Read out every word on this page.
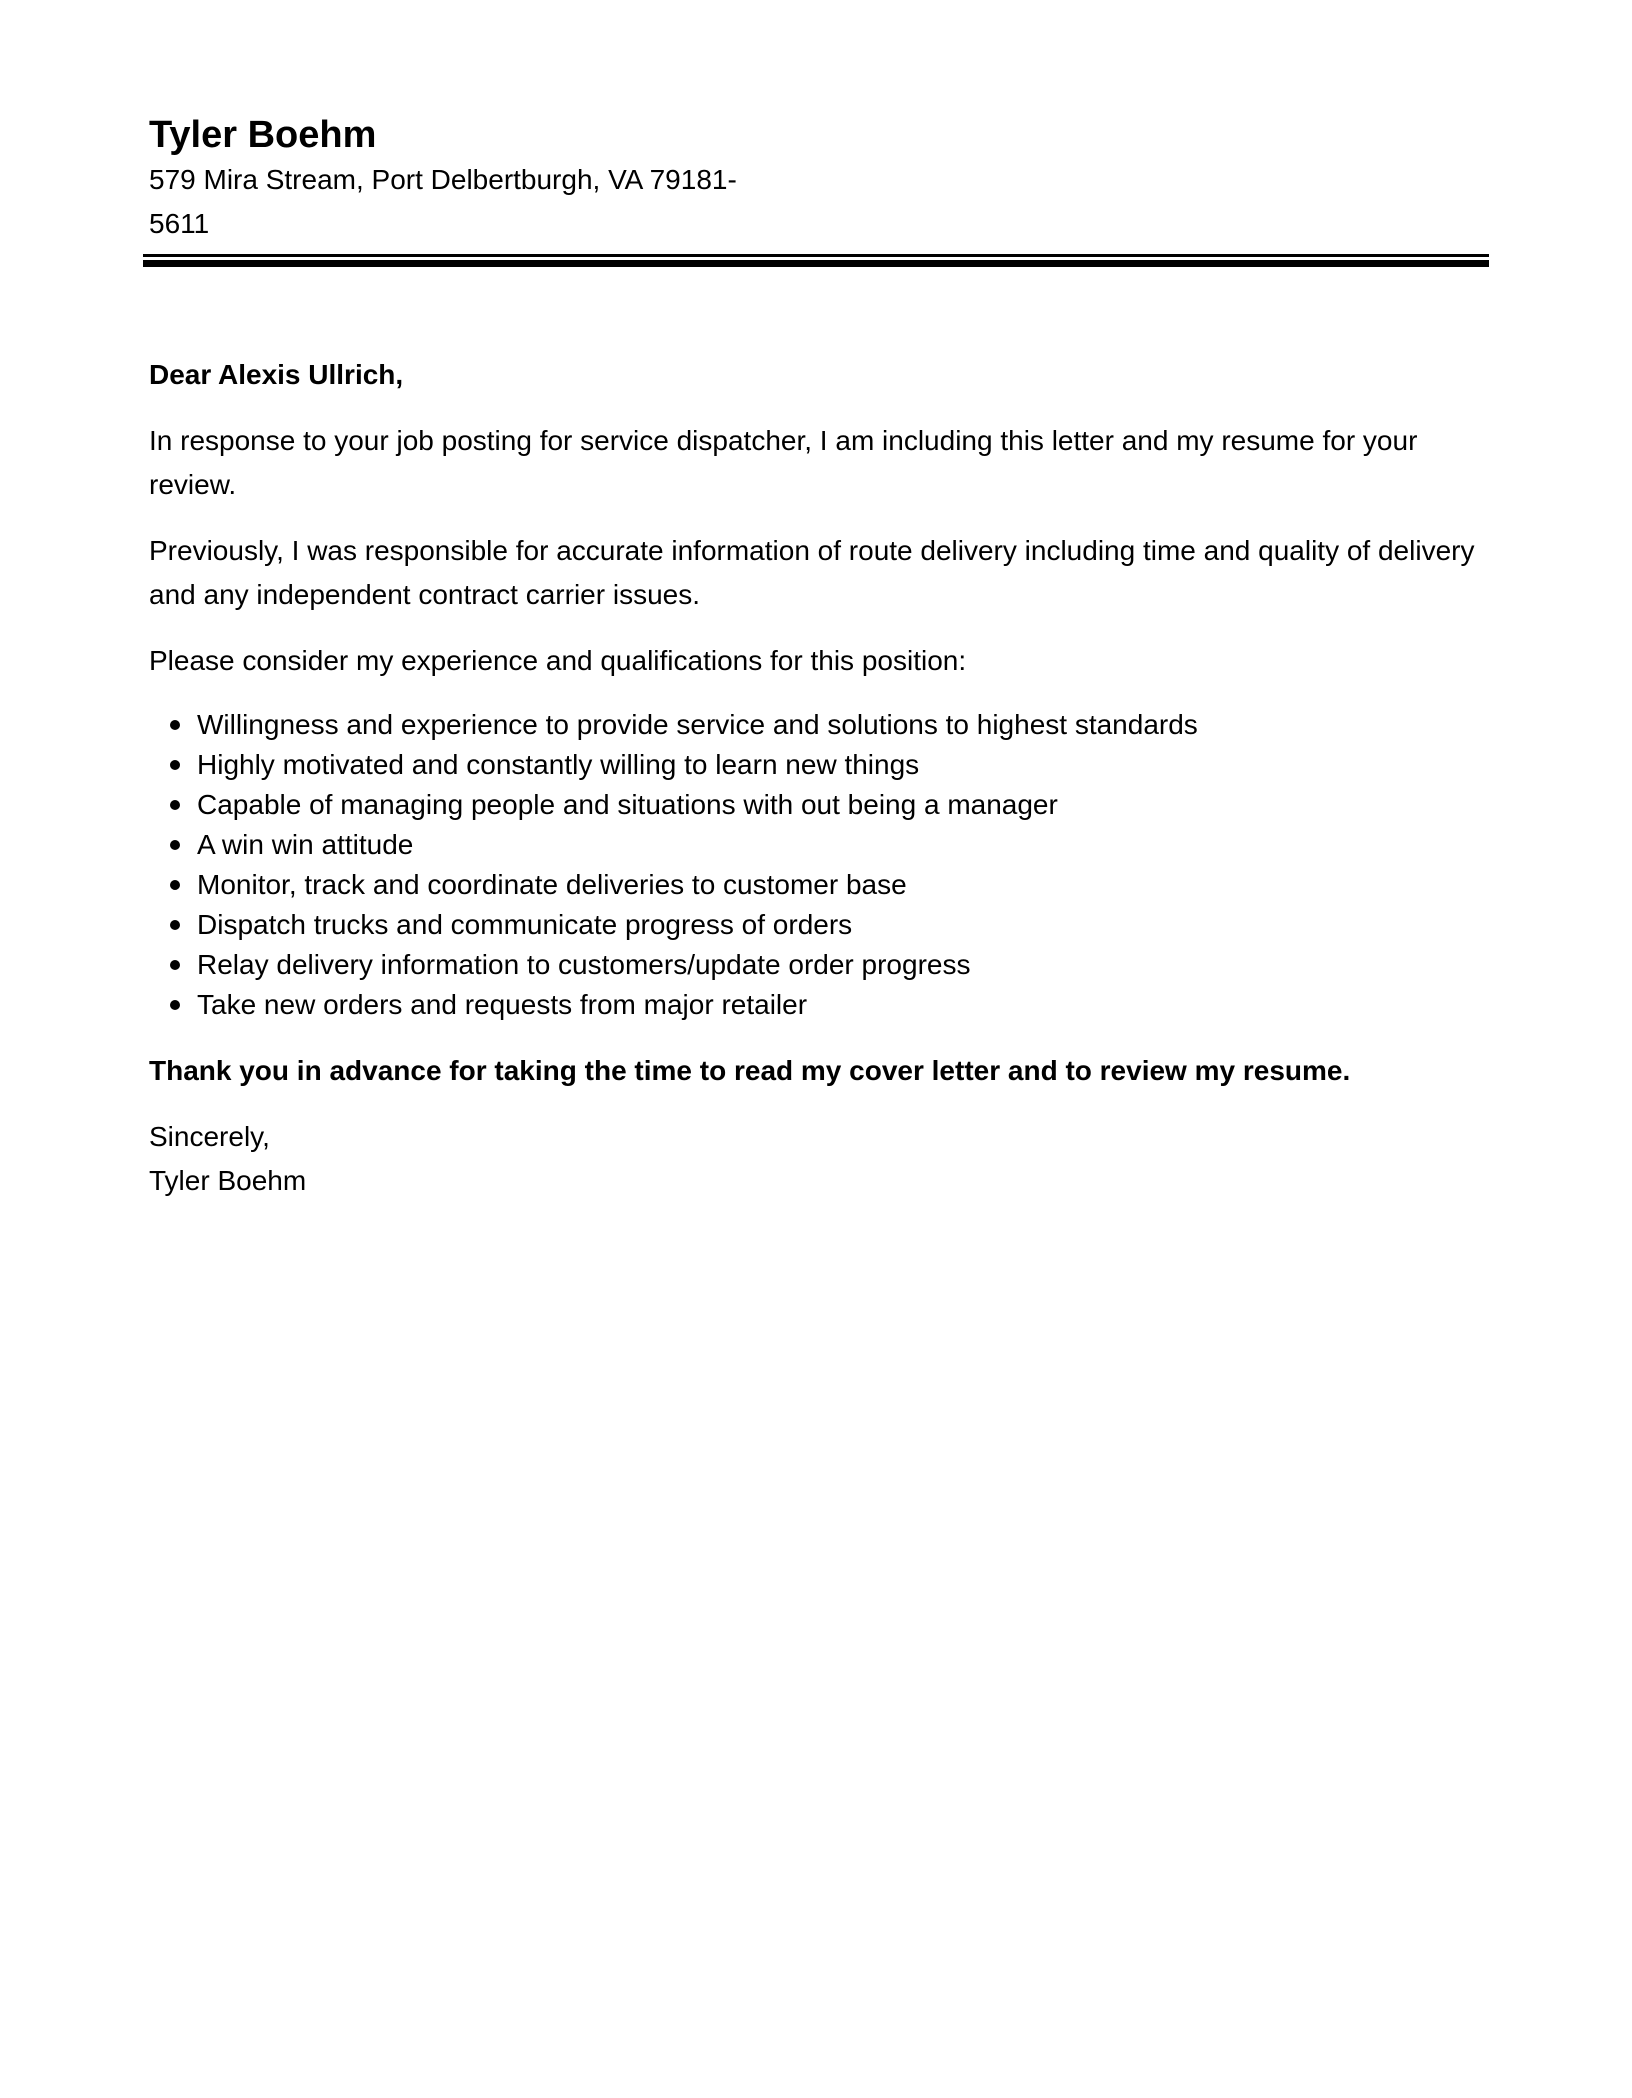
Tyler Boehm

579 Mira Stream, Port Delbertburgh, VA 79181-5611

Dear Alexis Ullrich,

In response to your job posting for service dispatcher, I am including this letter and my resume for your review.

Previously, I was responsible for accurate information of route delivery including time and quality of delivery and any independent contract carrier issues.

Please consider my experience and qualifications for this position:

Willingness and experience to provide service and solutions to highest standards
Highly motivated and constantly willing to learn new things
Capable of managing people and situations with out being a manager
A win win attitude
Monitor, track and coordinate deliveries to customer base
Dispatch trucks and communicate progress of orders
Relay delivery information to customers/update order progress
Take new orders and requests from major retailer

Thank you in advance for taking the time to read my cover letter and to review my resume.

Sincerely,

Tyler Boehm
